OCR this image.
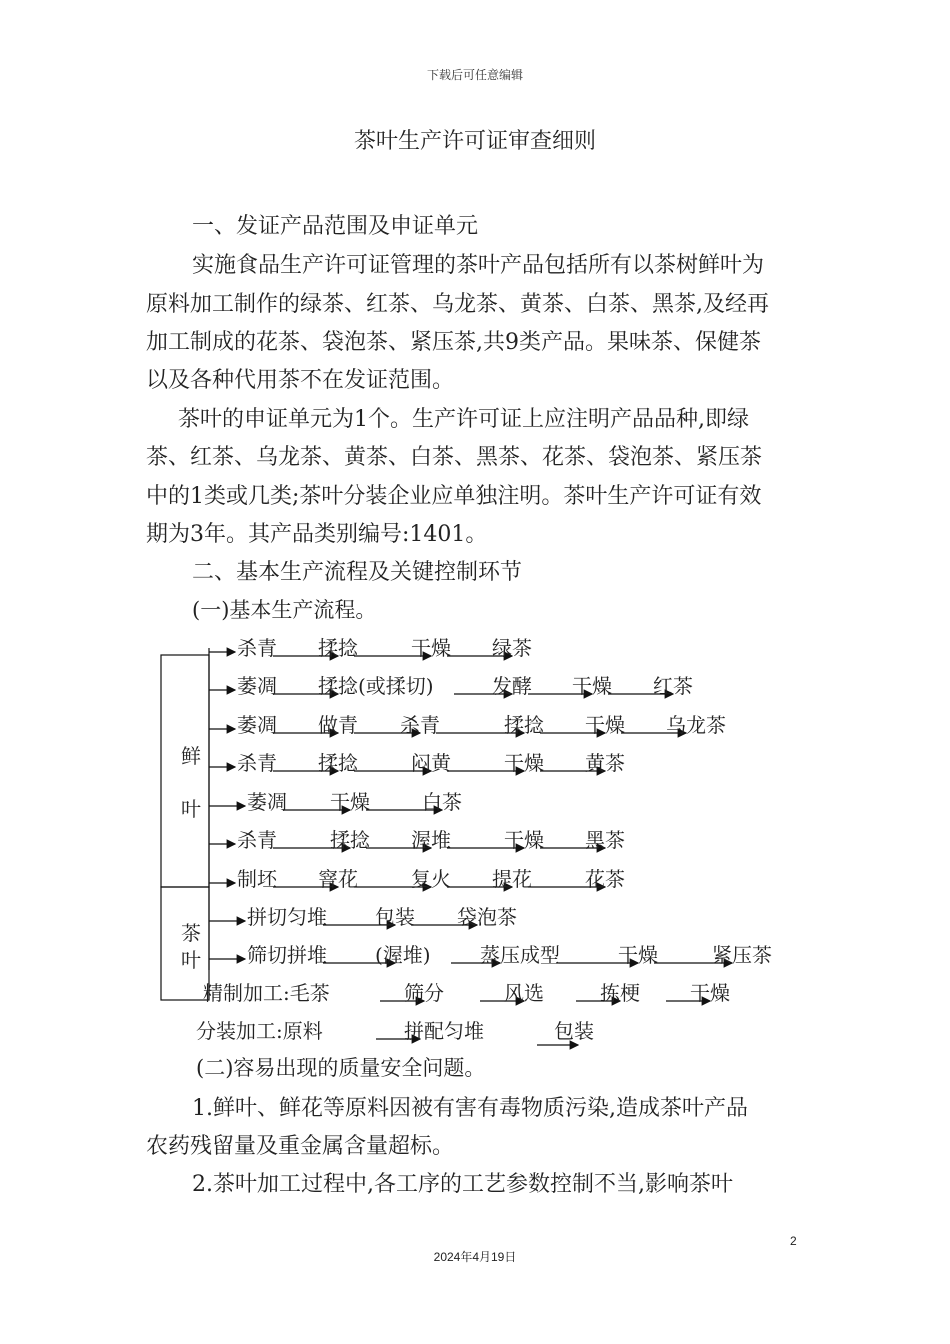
下载后可任意编辑
茶叶生产许可证审查细则
一、发证产品范围及申证单元
实施食品生产许可证管理的茶叶产品包括所有以茶树鲜叶为
原料加工制作的绿茶、红茶、乌龙茶、黄茶、白茶、黑茶,及经再
加工制成的花茶、袋泡茶、紧压茶,共9类产品。果味茶、保健茶
以及各种代用茶不在发证范围。
茶叶的申证单元为1个。生产许可证上应注明产品品种,即绿
茶、红茶、乌龙茶、黄茶、白茶、黑茶、花茶、袋泡茶、紧压茶
中的1类或几类;茶叶分装企业应单独注明。茶叶生产许可证有效
期为3年。其产品类别编号:1401。
二、基本生产流程及关键控制环节
(一)基本生产流程。
鲜
叶
茶
叶
杀青 揉捻	干燥 绿茶
萎凋 揉捻(或揉切)	发酵 干燥 红茶
萎凋 做青 杀青	揉捻 干燥 乌龙茶
杀青 揉捻	闷黄	干燥 黄茶
萎凋 干燥	白茶
杀青	揉捻 渥堆	干燥 黑茶
制坯 窨花	复火 提花	花茶
拼切匀堆 包装 袋泡茶
筛切拼堆 (渥堆) 蒸压成型	干燥	紧压茶
精制加工:毛茶	筛分	风选	拣梗	干燥
分装加工:原料	拼配匀堆	包装
(二)容易出现的质量安全问题。
1.鲜叶、鲜花等原料因被有害有毒物质污染,造成茶叶产品
农药残留量及重金属含量超标。
2.茶叶加工过程中,各工序的工艺参数控制不当,影响茶叶
2
2024年4月19日
